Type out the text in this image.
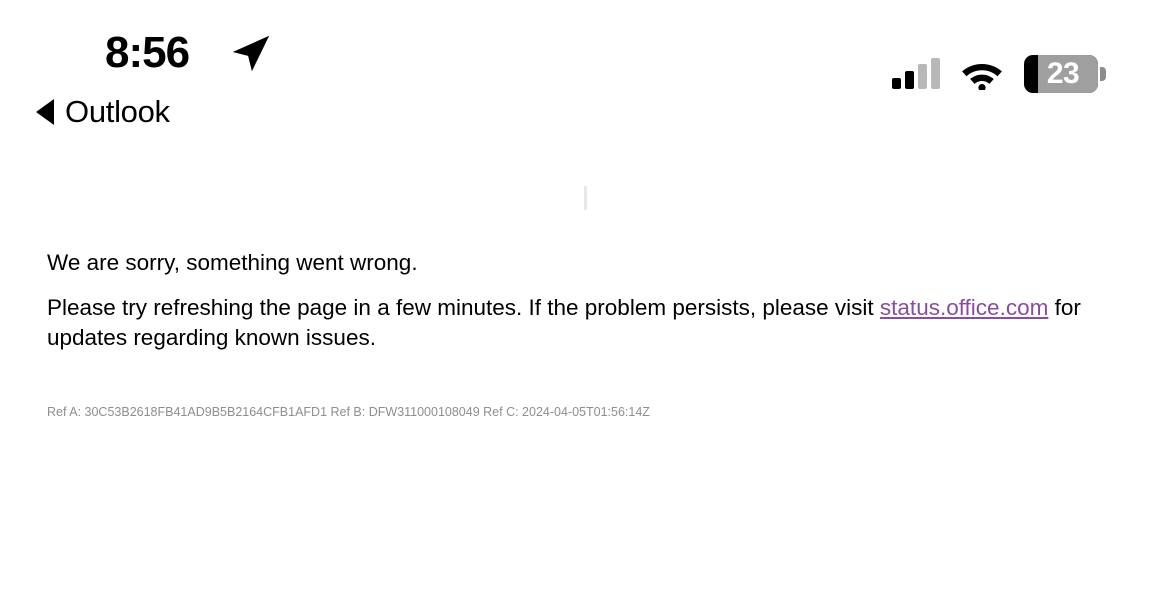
8:56	23
Outlook

We are sorry, something went wrong.

Please try refreshing the page in a few minutes. If the problem persists, please visit status.office.com for updates regarding known issues.

Ref A: 30C53B2618FB41AD9B5B2164CFB1AFD1 Ref B: DFW311000108049 Ref C: 2024-04-05T01:56:14Z
